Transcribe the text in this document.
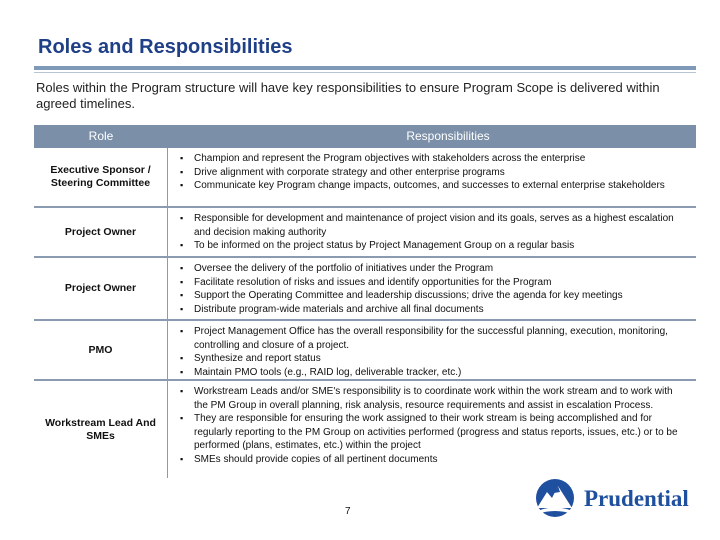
Roles and Responsibilities
Roles within the Program structure will have key responsibilities to ensure Program Scope is delivered within agreed timelines.
Role	Responsibilities
Executive Sponsor / Steering Committee
▪ Champion and represent the Program objectives with stakeholders across the enterprise
▪ Drive alignment with corporate strategy and other enterprise programs
▪ Communicate key Program change impacts, outcomes, and successes to external enterprise stakeholders
Project Owner
▪ Responsible for development and maintenance of project vision and its goals, serves as a highest escalation and decision making authority
▪ To be informed on the project status by Project Management Group on a regular basis
Project Owner
▪ Oversee the delivery of the portfolio of initiatives under the Program
▪ Facilitate resolution of risks and issues and identify opportunities for the Program
▪ Support the Operating Committee and leadership discussions; drive the agenda for key meetings
▪ Distribute program-wide materials and archive all final documents
PMO
▪ Project Management Office has the overall responsibility for the successful planning, execution, monitoring, controlling and closure of a project.
▪ Synthesize and report status
▪ Maintain PMO tools (e.g., RAID log, deliverable tracker, etc.)
Workstream Lead And SMEs
▪ Workstream Leads and/or SME's responsibility is to coordinate work within the work stream and to work with the PM Group in overall planning, risk analysis, resource requirements and assist in escalation Process.
▪ They are responsible for ensuring the work assigned to their work stream is being accomplished and for regularly reporting to the PM Group on activities performed (progress and status reports, issues, etc.) or to be performed (plans, estimates, etc.) within the project
▪ SMEs should provide copies of all pertinent documents
7
Prudential
